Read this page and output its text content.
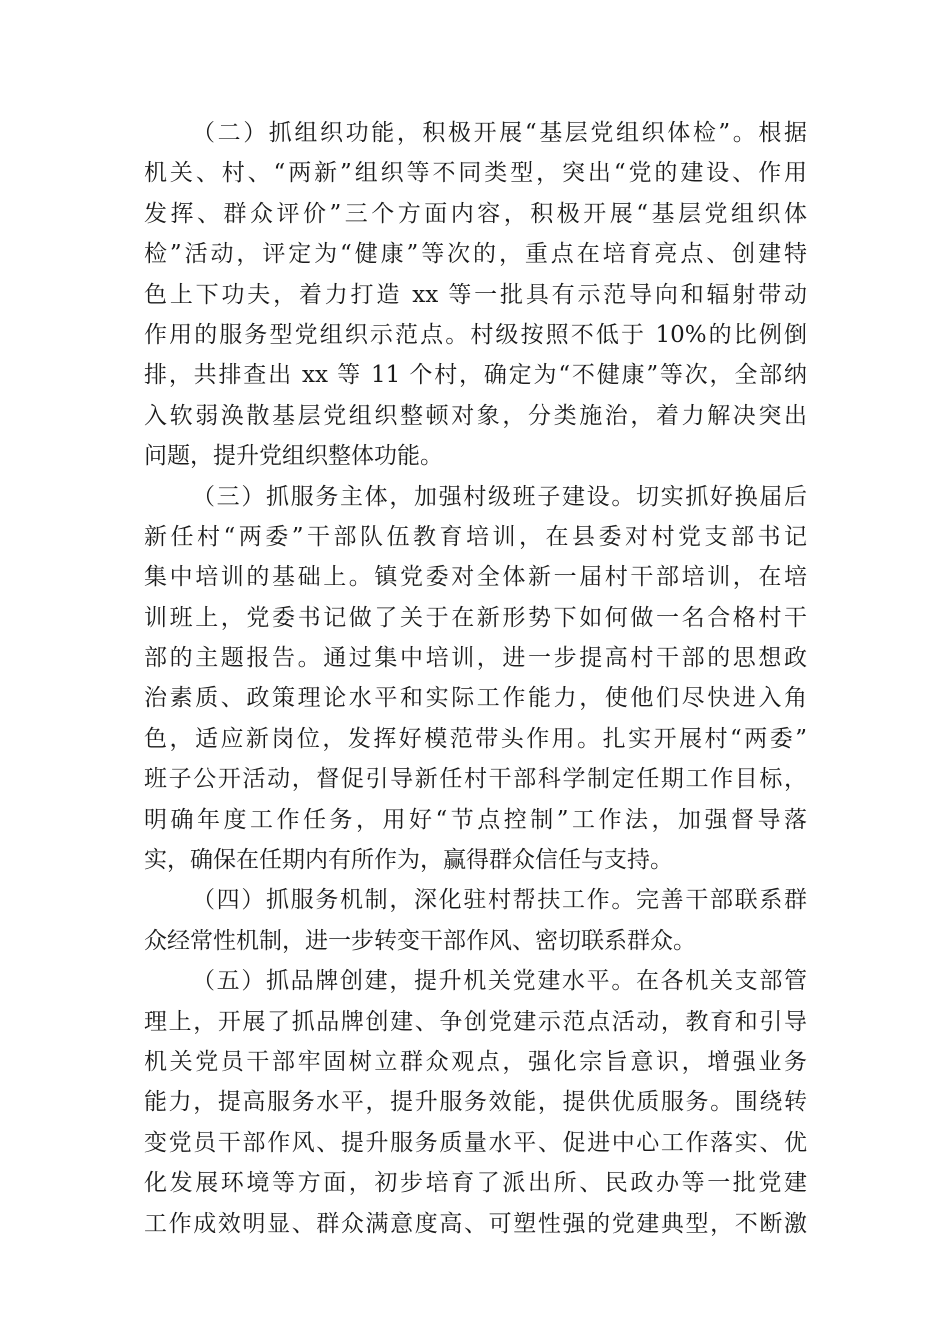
（二）抓组织功能，积极开展“基层党组织体检”。根据
机关、村、“两新”组织等不同类型，突出“党的建设、作用
发挥、群众评价”三个方面内容，积极开展“基层党组织体
检”活动，评定为“健康”等次的，重点在培育亮点、创建特
色上下功夫，着力打造 xx 等一批具有示范导向和辐射带动
作用的服务型党组织示范点。村级按照不低于 10%的比例倒
排，共排查出 xx 等 11 个村，确定为“不健康”等次，全部纳
入软弱涣散基层党组织整顿对象，分类施治，着力解决突出
问题，提升党组织整体功能。
（三）抓服务主体，加强村级班子建设。切实抓好换届后
新任村“两委”干部队伍教育培训，在县委对村党支部书记
集中培训的基础上。镇党委对全体新一届村干部培训，在培
训班上，党委书记做了关于在新形势下如何做一名合格村干
部的主题报告。通过集中培训，进一步提高村干部的思想政
治素质、政策理论水平和实际工作能力，使他们尽快进入角
色，适应新岗位，发挥好模范带头作用。扎实开展村“两委”
班子公开活动，督促引导新任村干部科学制定任期工作目标，
明确年度工作任务，用好“节点控制”工作法，加强督导落
实，确保在任期内有所作为，赢得群众信任与支持。
（四）抓服务机制，深化驻村帮扶工作。完善干部联系群
众经常性机制，进一步转变干部作风、密切联系群众。
（五）抓品牌创建，提升机关党建水平。在各机关支部管
理上，开展了抓品牌创建、争创党建示范点活动，教育和引导
机关党员干部牢固树立群众观点，强化宗旨意识，增强业务
能力，提高服务水平，提升服务效能，提供优质服务。围绕转
变党员干部作风、提升服务质量水平、促进中心工作落实、优
化发展环境等方面，初步培育了派出所、民政办等一批党建
工作成效明显、群众满意度高、可塑性强的党建典型，不断激
